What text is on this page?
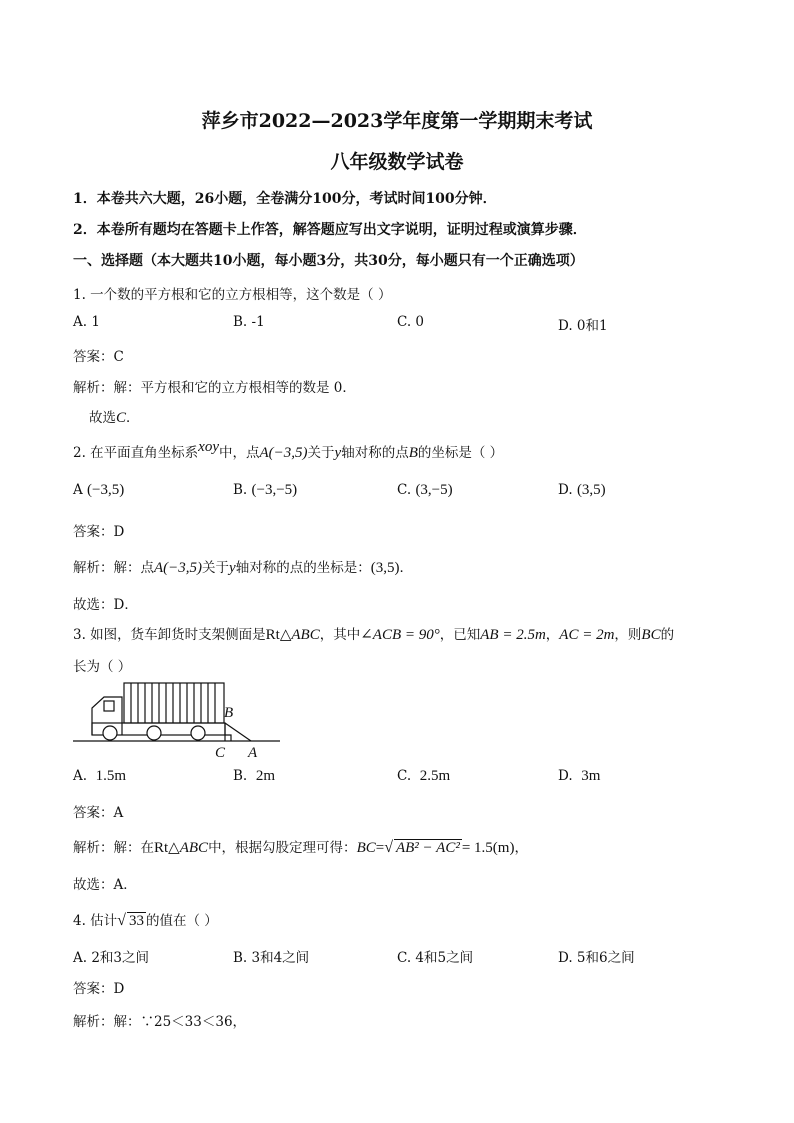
萍乡市2022—2023学年度第一学期期末考试
八年级数学试卷
1．本卷共六大题，26小题，全卷满分100分，考试时间100分钟．
2．本卷所有题均在答题卡上作答，解答题应写出文字说明，证明过程或演算步骤．
一、选择题（本大题共10小题，每小题3分，共30分，每小题只有一个正确选项）
1. 一个数的平方根和它的立方根相等，这个数是（ ）
A. 1	B. -1	C. 0	D. 0和1
答案：C
解析：解：平方根和它的立方根相等的数是 0．
故选C．
2. 在平面直角坐标系xoy中，点A(−3,5)关于y轴对称的点B的坐标是（ ）
A (−3,5)	B. (−3,−5)	C. (3,−5)	D. (3,5)
答案：D
解析：解：点A(−3,5)关于y轴对称的点的坐标是：(3,5)．
故选：D．
3. 如图，货车卸货时支架侧面是Rt△ABC，其中∠ACB = 90°，已知AB = 2.5m，AC = 2m，则BC的
长为（ ）
B
C A
A. 1.5m	B. 2m	C. 2.5m	D. 3m
答案：A
解析：解：在Rt△ABC中，根据勾股定理可得：BC=√ AB² − AC² = 1.5(m)，
故选：A．
4. 估计√ 33 的值在（ ）
A. 2和3之间	B. 3和4之间	C. 4和5之间	D. 5和6之间
答案：D
解析：解：∵25＜33＜36，
